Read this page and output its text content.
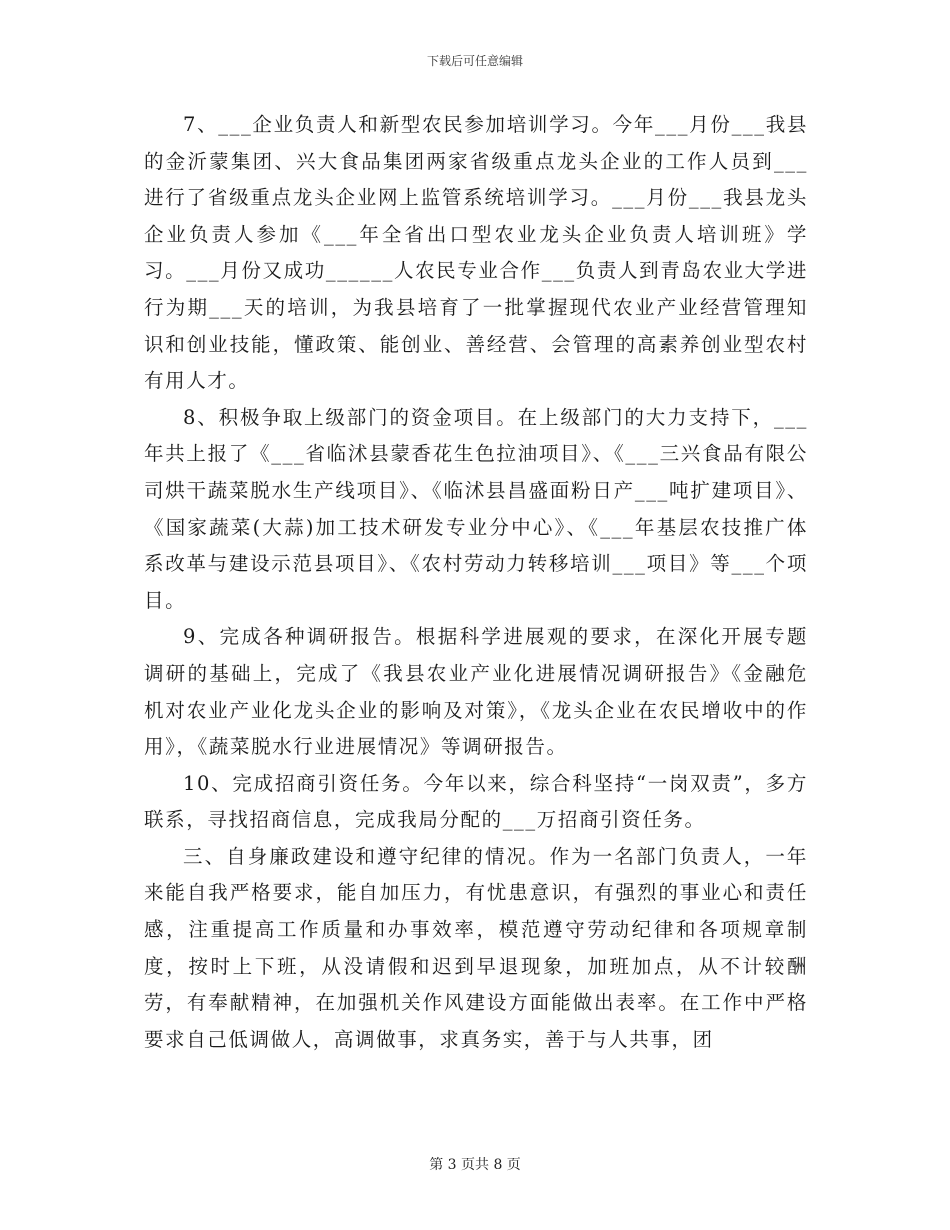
下载后可任意编辑

7、___企业负责人和新型农民参加培训学习。今年___月份___我县的金沂蒙集团、兴大食品集团两家省级重点龙头企业的工作人员到___进行了省级重点龙头企业网上监管系统培训学习。___月份___我县龙头企业负责人参加《___年全省出口型农业龙头企业负责人培训班》学习。___月份又成功______人农民专业合作___负责人到青岛农业大学进行为期___天的培训，为我县培育了一批掌握现代农业产业经营管理知识和创业技能，懂政策、能创业、善经营、会管理的高素养创业型农村有用人才。

8、积极争取上级部门的资金项目。在上级部门的大力支持下，___年共上报了《___省临沭县蒙香花生色拉油项目》、《___三兴食品有限公司烘干蔬菜脱水生产线项目》、《临沭县昌盛面粉日产___吨扩建项目》、《国家蔬菜(大蒜)加工技术研发专业分中心》、《___年基层农技推广体系改革与建设示范县项目》、《农村劳动力转移培训___项目》等___个项目。

9、完成各种调研报告。根据科学进展观的要求，在深化开展专题调研的基础上，完成了《我县农业产业化进展情况调研报告》《金融危机对农业产业化龙头企业的影响及对策》，《龙头企业在农民增收中的作用》，《蔬菜脱水行业进展情况》等调研报告。

10、完成招商引资任务。今年以来，综合科坚持“一岗双责”，多方联系，寻找招商信息，完成我局分配的___万招商引资任务。

三、自身廉政建设和遵守纪律的情况。作为一名部门负责人，一年来能自我严格要求，能自加压力，有忧患意识，有强烈的事业心和责任感，注重提高工作质量和办事效率，模范遵守劳动纪律和各项规章制度，按时上下班，从没请假和迟到早退现象，加班加点，从不计较酬劳，有奉献精神，在加强机关作风建设方面能做出表率。在工作中严格要求自己低调做人，高调做事，求真务实，善于与人共事，团

第 3 页共 8 页
